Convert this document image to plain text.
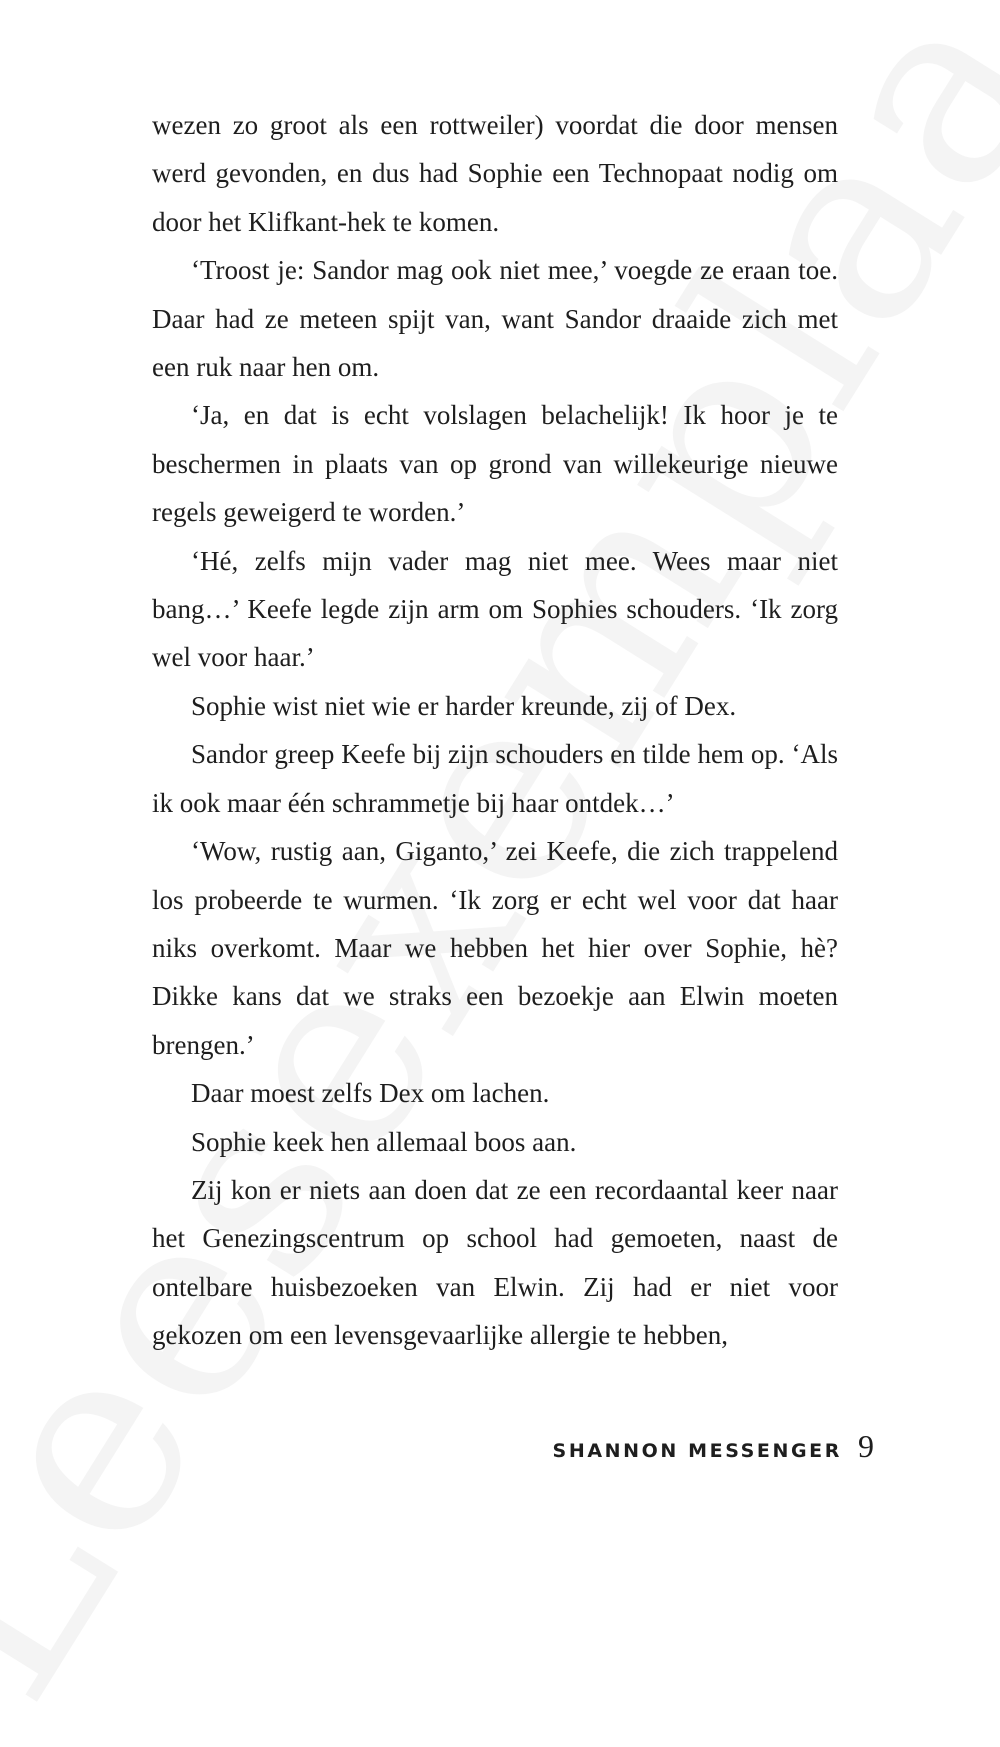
wezen zo groot als een rottweiler) voordat die door mensen werd gevonden, en dus had Sophie een Technopaat nodig om door het Klifkant-hek te komen.

‘Troost je: Sandor mag ook niet mee,’ voegde ze eraan toe. Daar had ze meteen spijt van, want Sandor draaide zich met een ruk naar hen om.

‘Ja, en dat is echt volslagen belachelijk! Ik hoor je te beschermen in plaats van op grond van willekeurige nieuwe regels geweigerd te worden.’

‘Hé, zelfs mijn vader mag niet mee. Wees maar niet bang…’ Keefe legde zijn arm om Sophies schouders. ‘Ik zorg wel voor haar.’

Sophie wist niet wie er harder kreunde, zij of Dex.

Sandor greep Keefe bij zijn schouders en tilde hem op. ‘Als ik ook maar één schrammetje bij haar ontdek…’

‘Wow, rustig aan, Giganto,’ zei Keefe, die zich trappelend los probeerde te wurmen. ‘Ik zorg er echt wel voor dat haar niks overkomt. Maar we hebben het hier over Sophie, hè? Dikke kans dat we straks een bezoekje aan Elwin moeten brengen.’

Daar moest zelfs Dex om lachen.

Sophie keek hen allemaal boos aan.

Zij kon er niets aan doen dat ze een recordaantal keer naar het Genezingscentrum op school had gemoeten, naast de ontelbare huisbezoeken van Elwin. Zij had er niet voor gekozen om een levensgevaarlijke allergie te hebben,

SHANNON MESSENGER 9
